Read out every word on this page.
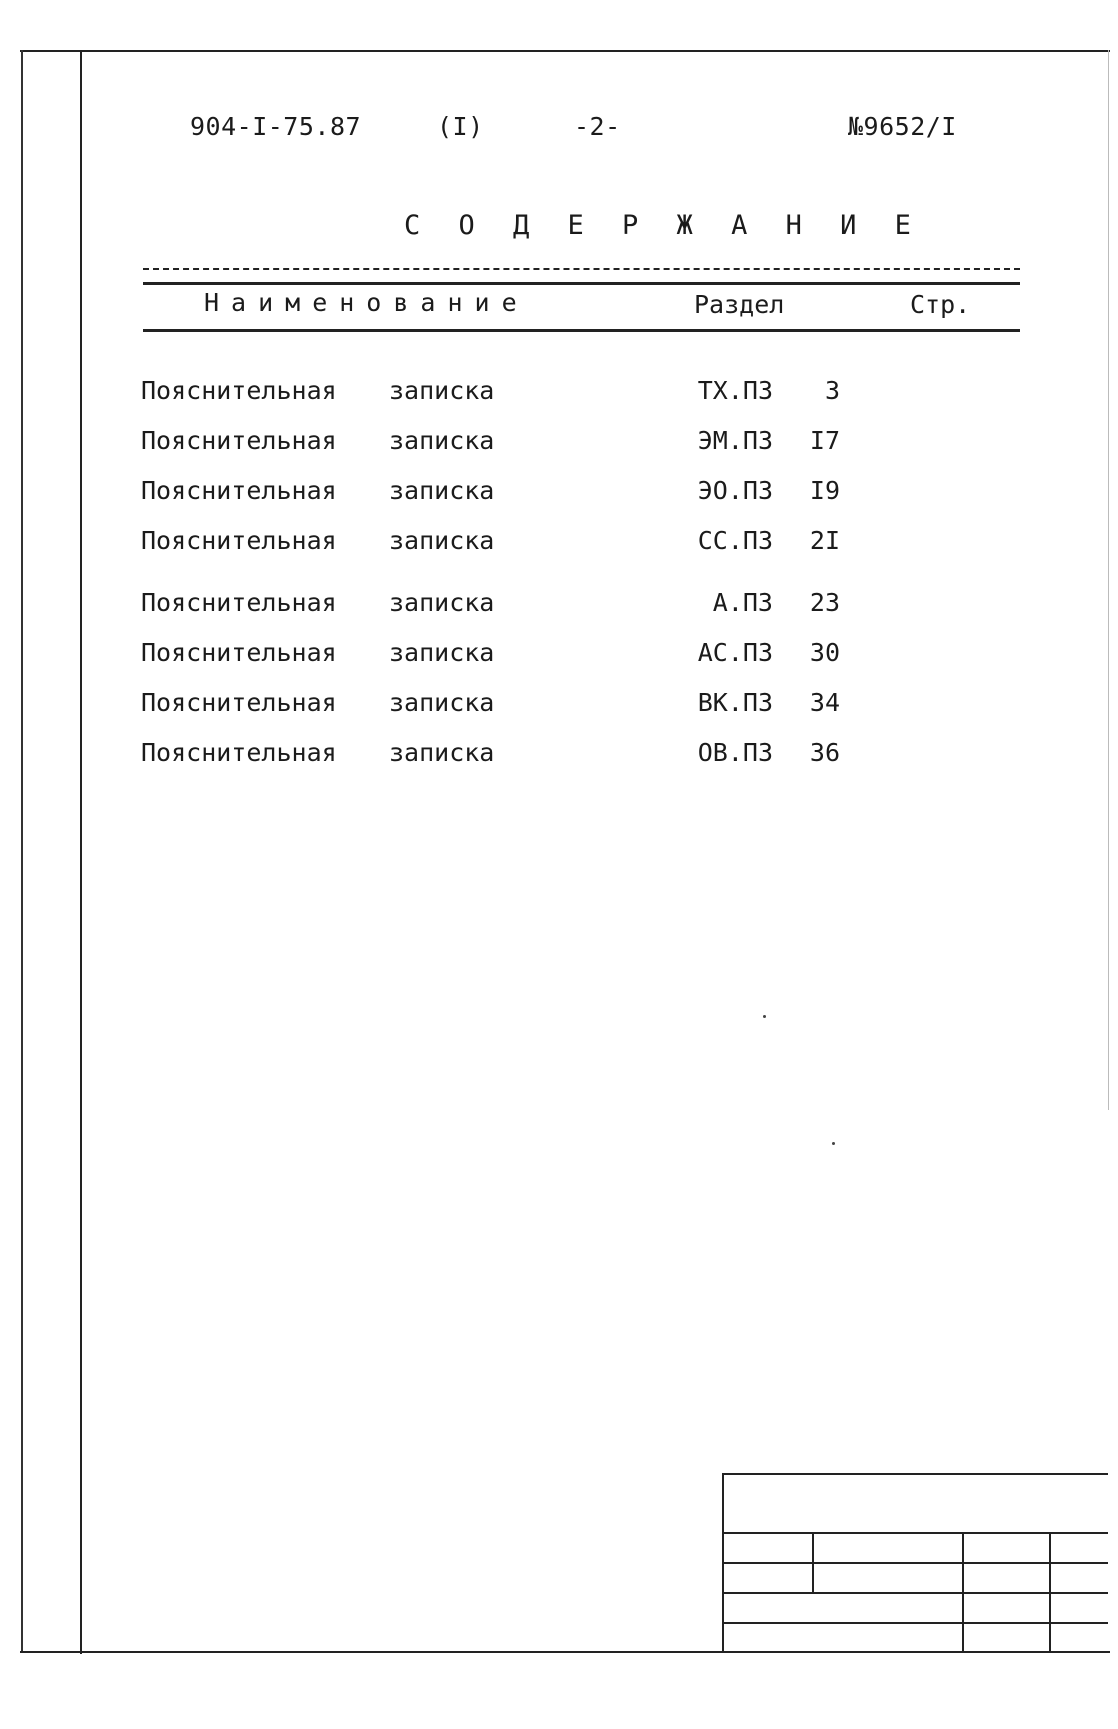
904-I-75.87	(I)	-2-	№9652/I
С О Д Е Р Ж А Н И Е
Наименование	Раздел	Стр.
Пояснительная записка	ТХ.ПЗ 3
Пояснительная записка	ЭМ.ПЗ I7
Пояснительная записка	ЭО.ПЗ I9
Пояснительная записка	СС.ПЗ 2I
Пояснительная записка	А.ПЗ 23
Пояснительная записка	АС.ПЗ 30
Пояснительная записка	ВК.ПЗ 34
Пояснительная записка	ОВ.ПЗ 36
